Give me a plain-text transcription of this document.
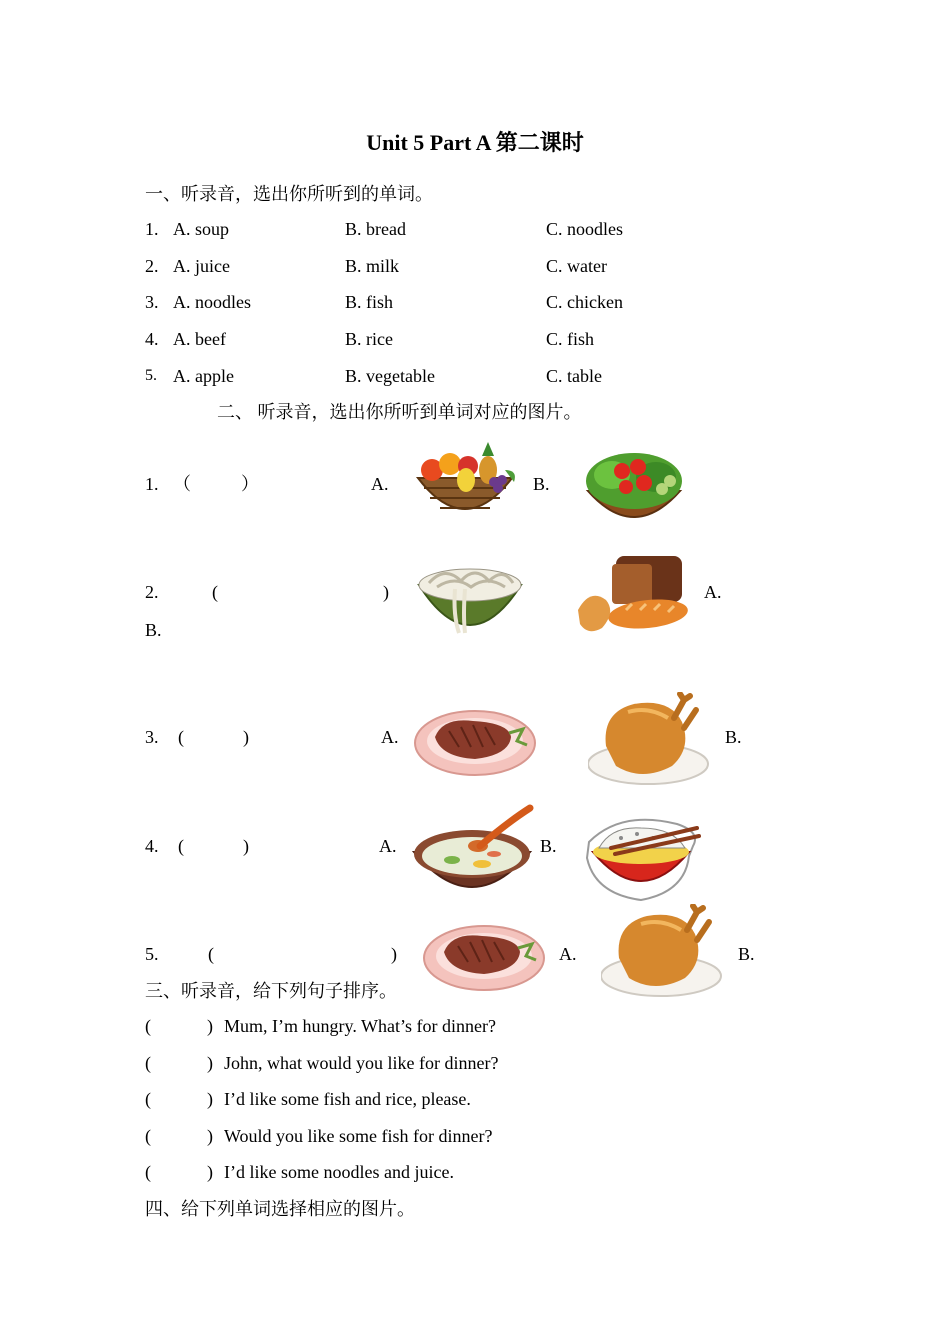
Unit 5 Part A 第二课时
一、听录音，选出你所听到的单词。
1. A. soup	B. bread	C. noodles
2. A. juice	B. milk	C. water
3. A. noodles	B. fish	C. chicken
4. A. beef	B. rice	C. fish
5. A. apple	B. vegetable	C. table
二、 听录音，选出你所听到单词对应的图片。
1. （	）	A.	B.
2.	(	)	A.
B.
3. (	)	A.	B.
4. (	)	A.	B.
5.	(	)	A.	B.
三、听录音，给下列句子排序。
(	) Mum, I’m hungry. What’s for dinner?
(	) John, what would you like for dinner?
(	) I’d like some fish and rice, please.
(	) Would you like some fish for dinner?
(	) I’d like some noodles and juice.
四、给下列单词选择相应的图片。
